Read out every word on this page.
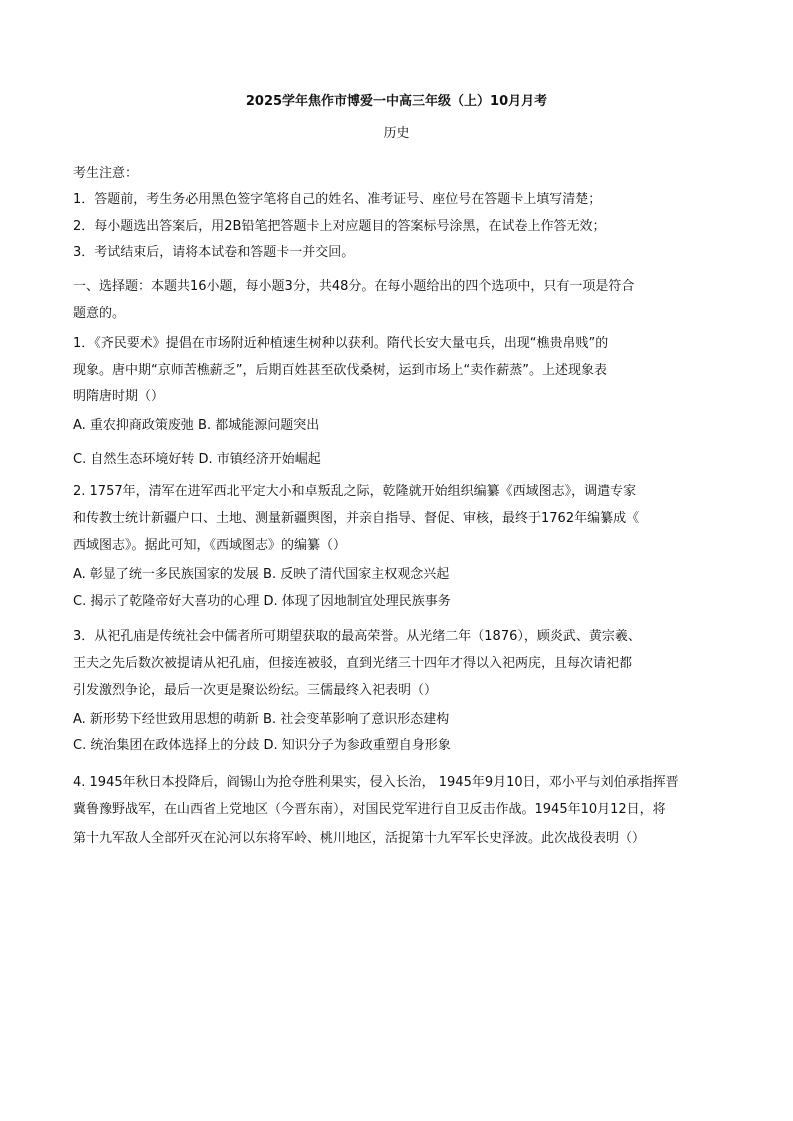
2025学年焦作市博爱一中高三年级（上）10月月考
历史
考生注意：
1．答题前，考生务必用黑色签字笔将自己的姓名、准考证号、座位号在答题卡上填写清楚；
2．每小题选出答案后，用2B铅笔把答题卡上对应题目的答案标号涂黑，在试卷上作答无效；
3．考试结束后，请将本试卷和答题卡一并交回。
一、选择题：本题共16小题，每小题3分，共48分。在每小题给出的四个选项中，只有一项是符合
题意的。
1．《齐民要术》提倡在市场附近种植速生树种以获利。隋代长安大量屯兵，出现“樵贵帛贱”的
现象。唐中期“京师苦樵薪乏”，后期百姓甚至砍伐桑树，运到市场上“卖作薪蒸”。上述现象表
明隋唐时期（）
A. 重农抑商政策废弛 B. 都城能源问题突出
C. 自然生态环境好转 D. 市镇经济开始崛起
2. 1757年，清军在进军西北平定大小和卓叛乱之际，乾隆就开始组织编纂《西域图志》，调遣专家
和传教士统计新疆户口、土地、测量新疆舆图，并亲自指导、督促、审核，最终于1762年编纂成《
西域图志》。据此可知，《西域图志》的编纂（）
A. 彰显了统一多民族国家的发展 B. 反映了清代国家主权观念兴起
C. 揭示了乾隆帝好大喜功的心理 D. 体现了因地制宜处理民族事务
3．从祀孔庙是传统社会中儒者所可期望获取的最高荣誉。从光绪二年（1876），顾炎武、黄宗羲、
王夫之先后数次被提请从祀孔庙，但接连被驳，直到光绪三十四年才得以入祀两庑，且每次请祀都
引发激烈争论，最后一次更是聚讼纷纭。三儒最终入祀表明（）
A. 新形势下经世致用思想的萌新 B. 社会变革影响了意识形态建构
C. 统治集团在政体选择上的分歧 D. 知识分子为参政重塑自身形象
4. 1945年秋日本投降后，阎锡山为抢夺胜利果实，侵入长治， 1945年9月10日，邓小平与刘伯承指挥晋
冀鲁豫野战军，在山西省上党地区（今晋东南），对国民党军进行自卫反击作战。1945年10月12日，将
第十九军敌人全部歼灭在沁河以东将军岭、桃川地区，活捉第十九军军长史泽波。此次战役表明（）
